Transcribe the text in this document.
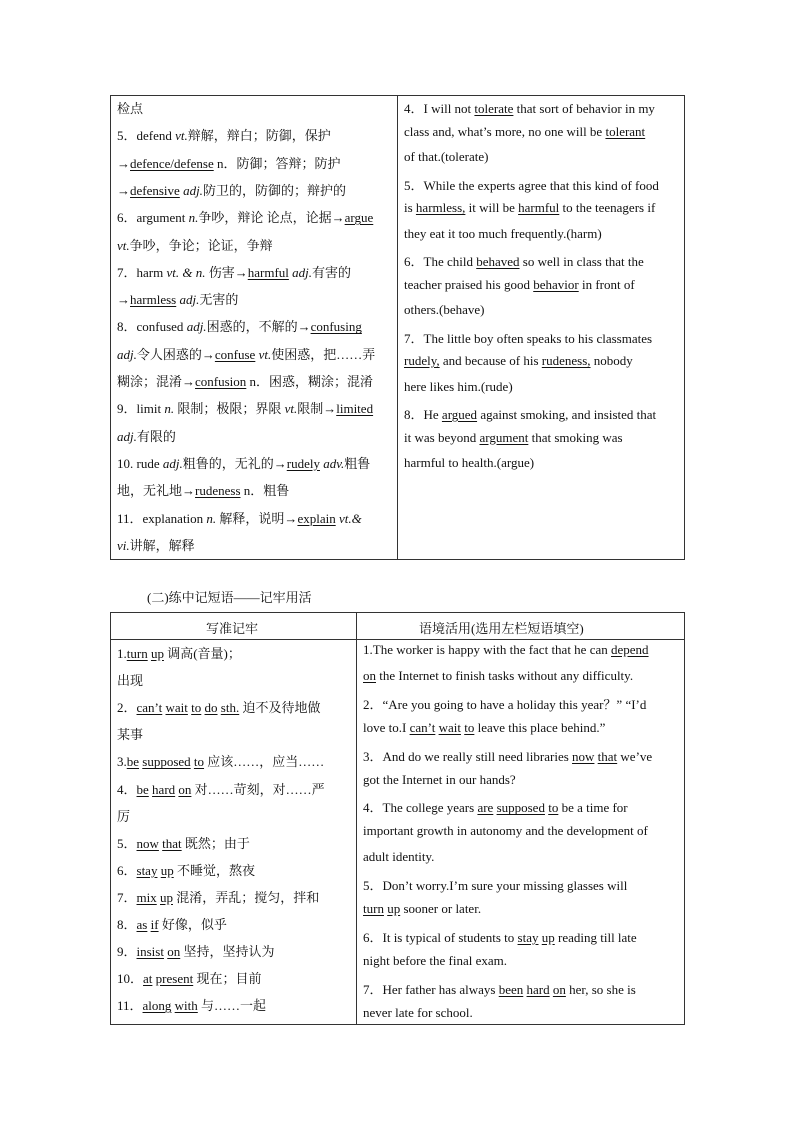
检点
5．defend vt.辩解，辩白；防御，保护
→defence/defense n．防御；答辩；防护
→defensive adj.防卫的，防御的；辩护的
6．argument n.争吵，辩论 论点，论据→argue
vt.争吵，争论；论证，争辩
7．harm vt. & n. 伤害→harmful adj.有害的
→harmless adj.无害的
8．confused adj.困惑的，不解的→confusing
adj.令人困惑的→confuse vt.使困惑，把……弄
糊涂；混淆→confusion n．困惑，糊涂；混淆
9．limit n. 限制；极限；界限 vt.限制→limited
adj.有限的
10. rude adj.粗鲁的，无礼的→rudely adv.粗鲁
地，无礼地→rudeness n．粗鲁
11．explanation n. 解释，说明→explain vt.&
vi.讲解，解释
4．I will not tolerate that sort of behavior in my
class and, what’s more, no one will be tolerant
of that.(tolerate)
5．While the experts agree that this kind of food
is harmless, it will be harmful to the teenagers if
they eat it too much frequently.(harm)
6．The child behaved so well in class that the
teacher praised his good behavior in front of
others.(behave)
7．The little boy often speaks to his classmates
rudely, and because of his rudeness, nobody
here likes him.(rude)
8．He argued against smoking, and insisted that
it was beyond argument that smoking was
harmful to health.(argue)
(二)练中记短语——记牢用活
写准记牢	语境活用(选用左栏短语填空)
1.turn up 调高(音量)；
出现
2．can’t wait to do sth. 迫不及待地做
某事
3.be supposed to 应该……，应当……
4．be hard on 对……苛刻，对……严
厉
5．now that 既然；由于
6．stay up 不睡觉，熬夜
7．mix up 混淆，弄乱；搅匀，拌和
8．as if 好像，似乎
9．insist on 坚持，坚持认为
10．at present 现在；目前
11．along with 与……一起
1.The worker is happy with the fact that he can depend
on the Internet to finish tasks without any difficulty.
2．“Are you going to have a holiday this year？” “I’d
love to.I can’t wait to leave this place behind.”
3．And do we really still need libraries now that we’ve
got the Internet in our hands?
4．The college years are supposed to be a time for
important growth in autonomy and the development of
adult identity.
5．Don’t worry.I’m sure your missing glasses will
turn up sooner or later.
6．It is typical of students to stay up reading till late
night before the final exam.
7．Her father has always been hard on her, so she is
never late for school.
